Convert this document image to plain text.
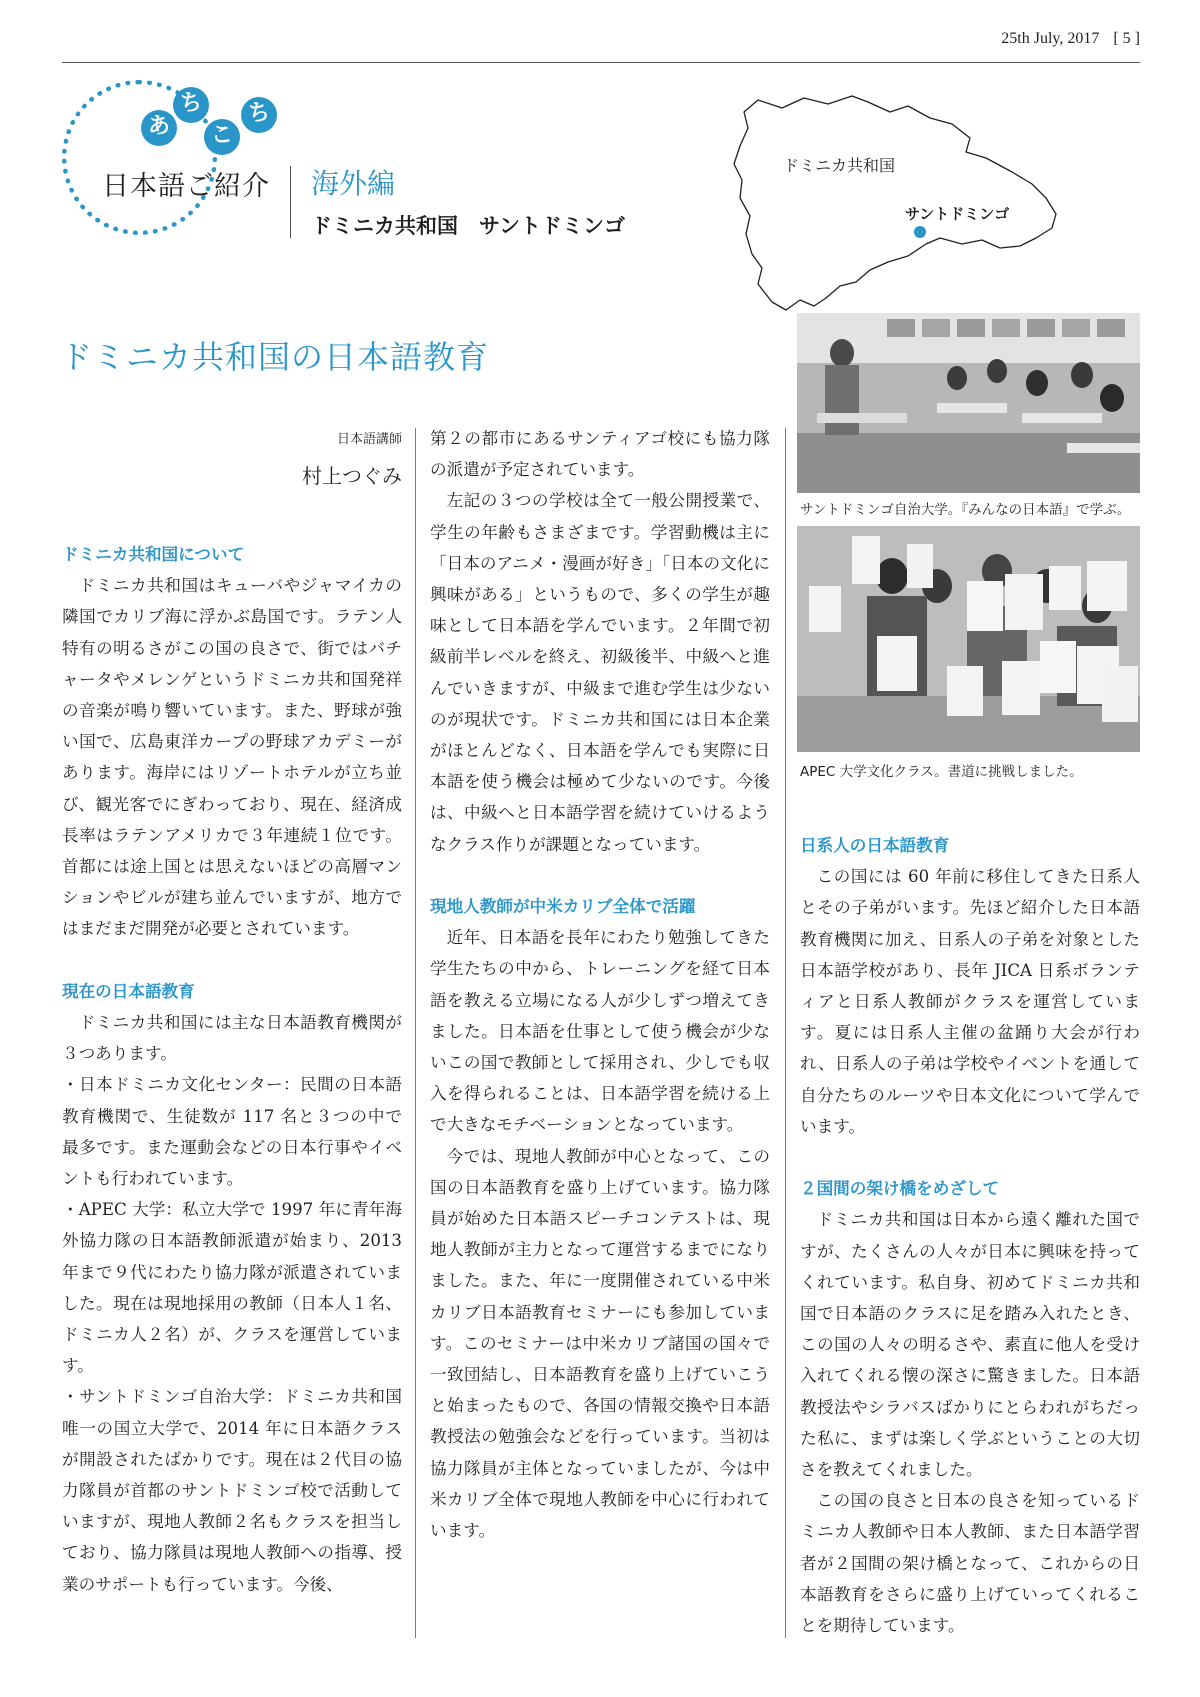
25th July, 2017 [ 5 ]
あ
ち
こ
ち
日本語ご紹介 海外編
ドミニカ共和国　サントドミンゴ
ドミニカ共和国
サントドミンゴ
ドミニカ共和国の日本語教育
日本語講師
村上つぐみ

ドミニカ共和国について

ドミニカ共和国はキューバやジャマイカの隣国でカリブ海に浮かぶ島国です。ラテン人特有の明るさがこの国の良さで、街ではバチャータやメレンゲというドミニカ共和国発祥の音楽が鳴り響いています。また、野球が強い国で、広島東洋カープの野球アカデミーがあります。海岸にはリゾートホテルが立ち並び、観光客でにぎわっており、現在、経済成長率はラテンアメリカで３年連続１位です。首都には途上国とは思えないほどの高層マンションやビルが建ち並んでいますが、地方ではまだまだ開発が必要とされています。

現在の日本語教育

ドミニカ共和国には主な日本語教育機関が３つあります。

・日本ドミニカ文化センター：民間の日本語教育機関で、生徒数が 117 名と３つの中で最多です。また運動会などの日本行事やイベントも行われています。

・APEC 大学：私立大学で 1997 年に青年海外協力隊の日本語教師派遣が始まり、2013 年まで９代にわたり協力隊が派遣されていました。現在は現地採用の教師（日本人１名、ドミニカ人２名）が、クラスを運営しています。

・サントドミンゴ自治大学：ドミニカ共和国唯一の国立大学で、2014 年に日本語クラスが開設されたばかりです。現在は２代目の協力隊員が首都のサントドミンゴ校で活動していますが、現地人教師２名もクラスを担当しており、協力隊員は現地人教師への指導、授業のサポートも行っています。今後、

第２の都市にあるサンティアゴ校にも協力隊の派遣が予定されています。

左記の３つの学校は全て一般公開授業で、学生の年齢もさまざまです。学習動機は主に「日本のアニメ・漫画が好き」「日本の文化に興味がある」というもので、多くの学生が趣味として日本語を学んでいます。２年間で初級前半レベルを終え、初級後半、中級へと進んでいきますが、中級まで進む学生は少ないのが現状です。ドミニカ共和国には日本企業がほとんどなく、日本語を学んでも実際に日本語を使う機会は極めて少ないのです。今後は、中級へと日本語学習を続けていけるようなクラス作りが課題となっています。

現地人教師が中米カリブ全体で活躍

近年、日本語を長年にわたり勉強してきた学生たちの中から、トレーニングを経て日本語を教える立場になる人が少しずつ増えてきました。日本語を仕事として使う機会が少ないこの国で教師として採用され、少しでも収入を得られることは、日本語学習を続ける上で大きなモチベーションとなっています。

今では、現地人教師が中心となって、この国の日本語教育を盛り上げています。協力隊員が始めた日本語スピーチコンテストは、現地人教師が主力となって運営するまでになりました。また、年に一度開催されている中米カリブ日本語教育セミナーにも参加しています。このセミナーは中米カリブ諸国の国々で一致団結し、日本語教育を盛り上げていこうと始まったもので、各国の情報交換や日本語教授法の勉強会などを行っています。当初は協力隊員が主体となっていましたが、今は中米カリブ全体で現地人教師を中心に行われています。

サントドミンゴ自治大学。『みんなの日本語』で学ぶ。
APEC 大学文化クラス。書道に挑戦しました。

日系人の日本語教育

この国には 60 年前に移住してきた日系人とその子弟がいます。先ほど紹介した日本語教育機関に加え、日系人の子弟を対象とした日本語学校があり、長年 JICA 日系ボランティアと日系人教師がクラスを運営しています。夏には日系人主催の盆踊り大会が行われ、日系人の子弟は学校やイベントを通して自分たちのルーツや日本文化について学んでいます。

２国間の架け橋をめざして

ドミニカ共和国は日本から遠く離れた国ですが、たくさんの人々が日本に興味を持ってくれています。私自身、初めてドミニカ共和国で日本語のクラスに足を踏み入れたとき、この国の人々の明るさや、素直に他人を受け入れてくれる懐の深さに驚きました。日本語教授法やシラバスばかりにとらわれがちだった私に、まずは楽しく学ぶということの大切さを教えてくれました。

この国の良さと日本の良さを知っているドミニカ人教師や日本人教師、また日本語学習者が２国間の架け橋となって、これからの日本語教育をさらに盛り上げていってくれることを期待しています。
